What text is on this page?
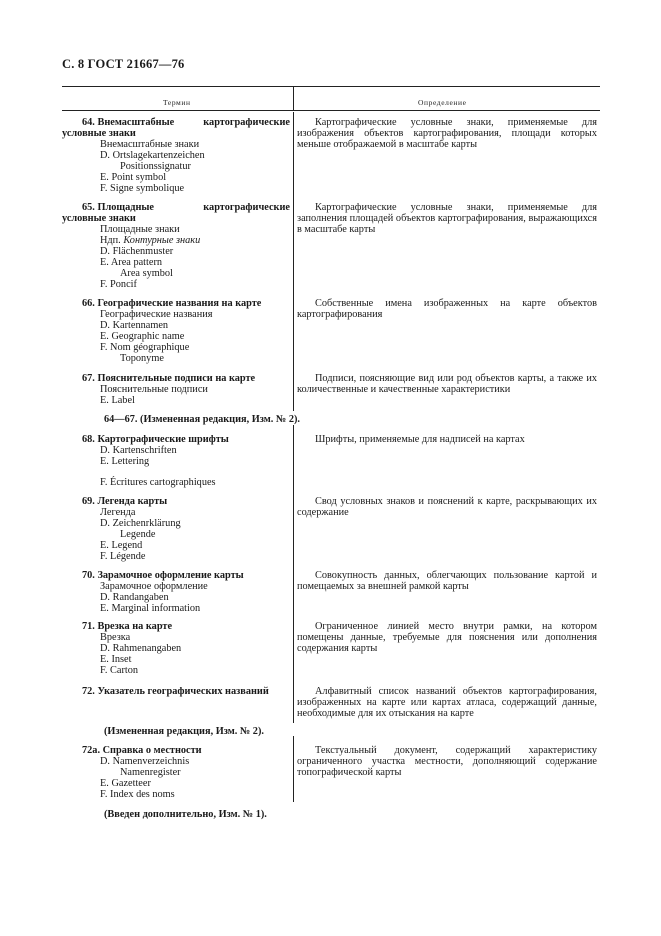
С. 8 ГОСТ 21667—76
Термин	Определение
64. Внемасштабные	картографические
условные знаки
Внемасштабные знаки
D. Ortslagekartenzeichen
Positionssignatur
E. Point symbol
F. Signe symbolique
Картографические условные знаки, применяемые для изображения объектов картографирования, площади которых меньше отображаемой в масштабе карты
65. Площадные	картографические
условные знаки
Площадные знаки
Ндп. Контурные знаки
D. Flächenmuster
E. Area pattern
Area symbol
F. Poncif
Картографические условные знаки, применяемые для заполнения площадей объектов картографирования, выражающихся в масштабе карты
66. Географические названия на карте
Географические названия
D. Kartennamen
E. Geographic name
F. Nom géographique
Toponyme
Собственные имена изображенных на карте объектов картографирования
67. Пояснительные подписи на карте
Пояснительные подписи
E. Label
Подписи, поясняющие вид или род объектов карты, а также их количественные и качественные характеристики
64—67. (Измененная редакция, Изм. № 2).
68. Картографические шрифты
D. Kartenschriften
E. Lettering
F. Écritures cartographiques
Шрифты, применяемые для надписей на картах
69. Легенда карты
Легенда
D. Zeichenrklärung
Legende
E. Legend
F. Légende
Свод условных знаков и пояснений к карте, раскрывающих их содержание
70. Зарамочное оформление карты
Зарамочное оформление
D. Randangaben
E. Marginal information
Совокупность данных, облегчающих пользование картой и помещаемых за внешней рамкой карты
71. Врезка на карте
Врезка
D. Rahmenangaben
E. Inset
F. Carton
Ограниченное линией место внутри рамки, на котором помещены данные, требуемые для пояснения или дополнения содержания карты
72. Указатель географических названий	Алфавитный список названий объектов картографирования, изображенных на карте или картах атласа, содержащий данные, необходимые для их отыскания на карте
(Измененная редакция, Изм. № 2).
72а. Справка о местности
D. Namenverzeichnis
Namenregister
E. Gazetteer
F. Index des noms
Текстуальный документ, содержащий характеристику ограниченного участка местности, дополняющий содержание топографической карты
(Введен дополнительно, Изм. № 1).
